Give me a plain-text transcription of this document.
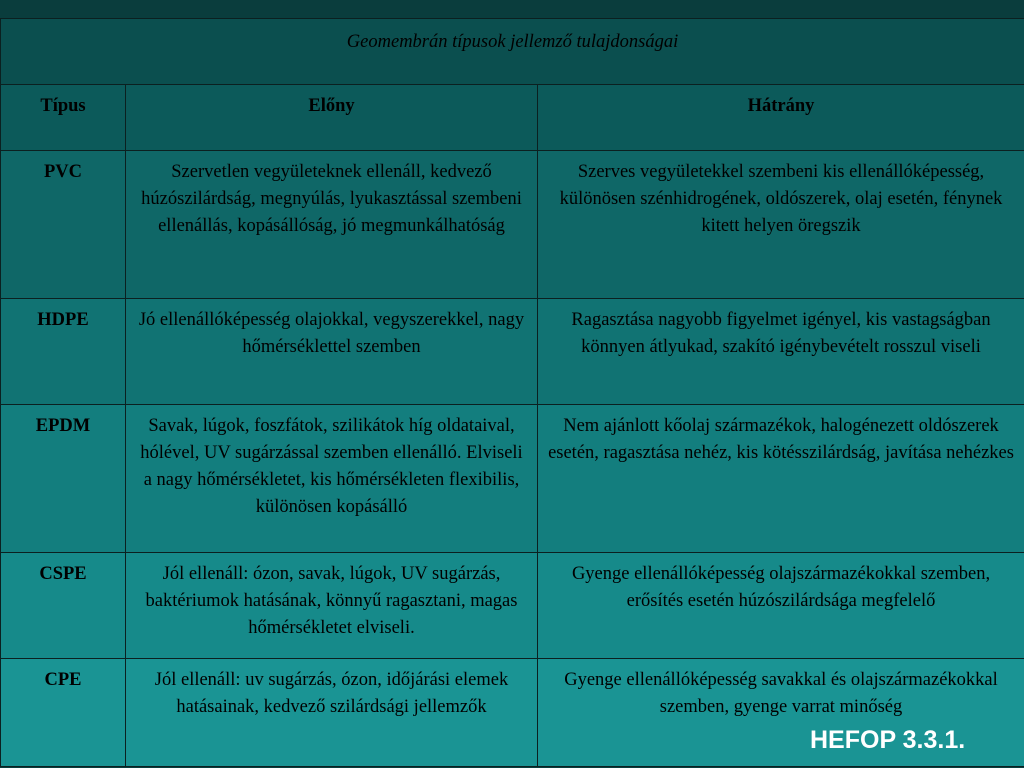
Geomembrán típusok jellemző tulajdonságai		
Típus	Előny	Hátrány
PVC	Szervetlen vegyületeknek ellenáll, kedvező húzószilárdság, megnyúlás, lyukasztással szembeni ellenállás, kopásállóság, jó megmunkálhatóság	Szerves vegyületekkel szembeni kis ellenállóképesség, különösen szénhidrogének, oldószerek, olaj esetén, fénynek kitett helyen öregszik
HDPE	Jó ellenállóképesség olajokkal, vegyszerekkel, nagy hőmérséklettel szemben	Ragasztása nagyobb figyelmet igényel, kis vastagságban könnyen átlyukad, szakító igénybevételt rosszul viseli
EPDM	Savak, lúgok, foszfátok, szilikátok híg oldataival, hólével, UV sugárzással szemben ellenálló. Elviseli a nagy hőmérsékletet, kis hőmérsékleten flexibilis, különösen kopásálló	Nem ajánlott kőolaj származékok, halogénezett oldószerek esetén, ragasztása nehéz, kis kötésszilárdság, javítása nehézkes
CSPE	Jól ellenáll: ózon, savak, lúgok, UV sugárzás, baktériumok hatásának, könnyű ragasztani, magas hőmérsékletet elviseli.	Gyenge ellenállóképesség olajszármazékokkal szemben, erősítés esetén húzószilárdsága megfelelő
CPE	Jól ellenáll: uv sugárzás, ózon, időjárási elemek hatásainak, kedvező szilárdsági jellemzők	Gyenge ellenállóképesség savakkal és olajszármazékokkal szemben, gyenge varrat minőség
HEFOP 3.3.1.
